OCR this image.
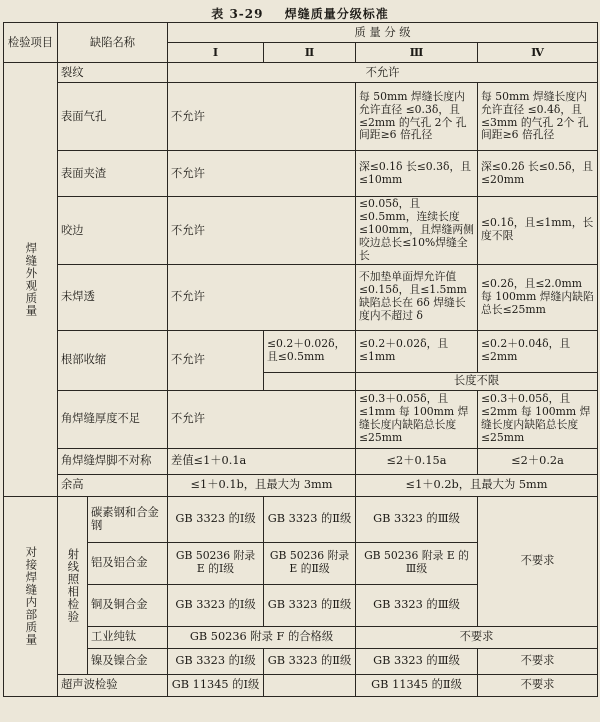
表 3-29 焊缝质量分级标准
检验项目	缺陷名称		质 量 分 级			
			Ⅰ	Ⅱ	Ⅲ	Ⅳ

焊缝外观质量	裂纹		不允许			
	表面气孔		不允许		每 50mm 焊缝长度内允许直径 ≤0.3δ，且≤2mm 的气孔 2个 孔间距≥6 倍孔径	每 50mm 焊缝长度内允许直径 ≤0.4δ，且≤3mm 的气孔 2个 孔间距≥6 倍孔径
	表面夹渣		不允许		深≤0.1δ 长≤0.3δ，且≤10mm	深≤0.2δ 长≤0.5δ，且≤20mm
	咬边		不允许		≤0.05δ，且≤0.5mm，连续长度≤100mm，且焊缝两侧咬边总长≤10%焊缝全长	≤0.1δ，且≤1mm，长度不限
	未焊透		不允许		不加垫单面焊允许值≤0.15δ，且≤1.5mm 缺陷总长在 6δ 焊缝长度内不超过 δ	≤0.2δ，且≤2.0mm 每 100mm 焊缝内缺陷总长≤25mm
	根部收缩		不允许	≤0.2＋0.02δ，且≤0.5mm	≤0.2＋0.02δ，且≤1mm	≤0.2＋0.04δ，且≤2mm
					长度不限	
	角焊缝厚度不足		不允许		≤0.3＋0.05δ，且≤1mm 每 100mm 焊缝长度内缺陷总长度≤25mm	≤0.3＋0.05δ，且≤2mm 每 100mm 焊缝长度内缺陷总长度≤25mm
	角焊缝焊脚不对称		差值≤1＋0.1a		≤2＋0.15a	≤2＋0.2a
	余高		≤1＋0.1b，且最大为 3mm		≤1＋0.2b，且最大为 5mm	

对接焊缝内部质量	射线照相检验	碳素钢和合金钢	GB 3323 的Ⅰ级	GB 3323 的Ⅱ级	GB 3323 的Ⅲ级	不要求
		铝及铝合金	GB 50236 附录 E 的Ⅰ级	GB 50236 附录 E 的Ⅱ级	GB 50236 附录 E 的Ⅲ级	
		铜及铜合金	GB 3323 的Ⅰ级	GB 3323 的Ⅱ级	GB 3323 的Ⅲ级	
		工业纯钛	GB 50236 附录 F 的合格级		不要求	
		镍及镍合金	GB 3323 的Ⅰ级	GB 3323 的Ⅱ级	GB 3323 的Ⅲ级	不要求
	超声波检验		GB 11345 的Ⅰ级		GB 11345 的Ⅱ级	不要求
